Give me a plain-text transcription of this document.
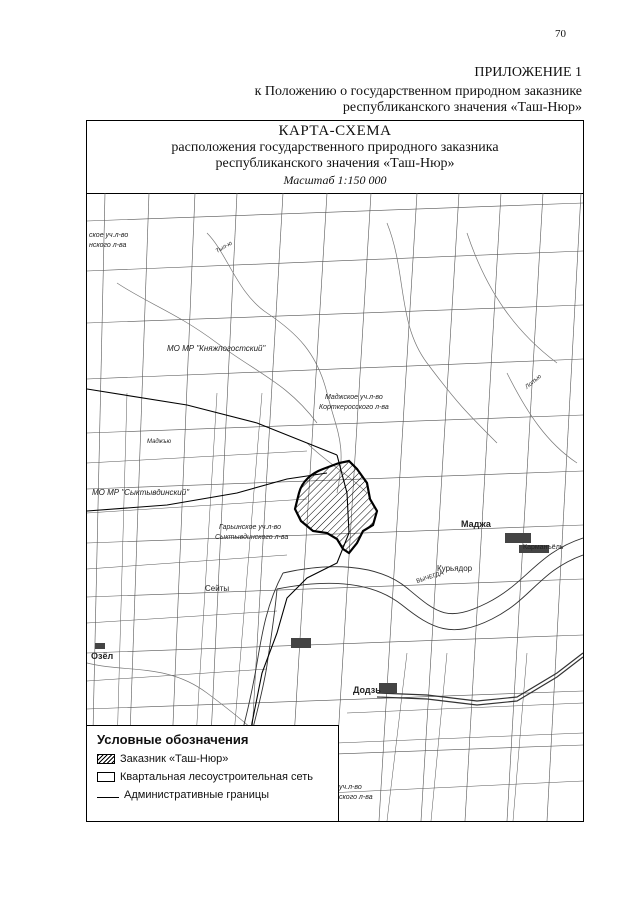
70
ПРИЛОЖЕНИЕ 1
к Положению о государственном природном заказнике
республиканского значения «Таш-Нюр»
КАРТА-СХЕМА
расположения государственного природного заказника
республиканского значения «Таш-Нюр»
Масштаб 1:150 000
МО МР "Княжпогостский"
МО МР "Сыктывдинский"
Маджское уч.л-во
Корткеросского л-ва
Гарьинское уч.л-во
Сыктывдинского л-ва
ское уч.л-во
нского л-ва
уч.л-во
ского л-ва
Маджа
Карманъёль
Курьядор
Сейты
Озёл
Додзь
ВЫЧЕГДА
Тыл-ю
Лопъю
Маджъю
Условные обозначения
Заказник «Таш-Нюр»
Квартальная лесоустроительная сеть
Административные границы
